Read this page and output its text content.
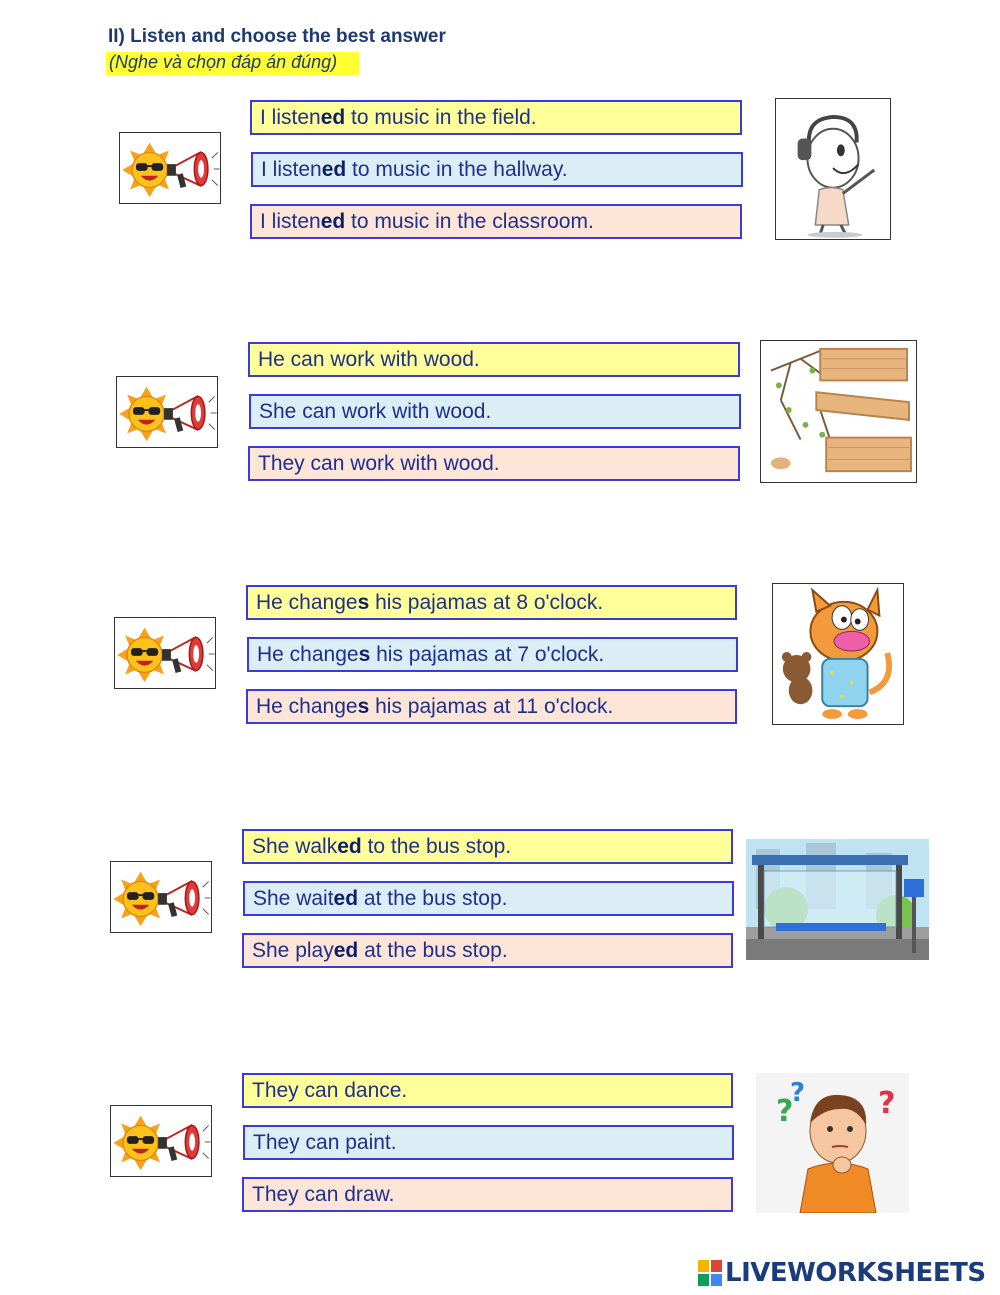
II) Listen and choose the best answer
(Nghe và chọn đáp án đúng)
I listened to music in the field.
I listened to music in the hallway.
I listened to music in the classroom.
He can work with wood.
She can work with wood.
They can work with wood.
He changes his pajamas at 8 o'clock.
He changes his pajamas at 7 o'clock.
He changes his pajamas at 11 o'clock.
She walked to the bus stop.
She waited at the bus stop.
She played at the bus stop.
They can dance.
They can paint.
They can draw.
?
? ?
LIVEWORKSHEETS
